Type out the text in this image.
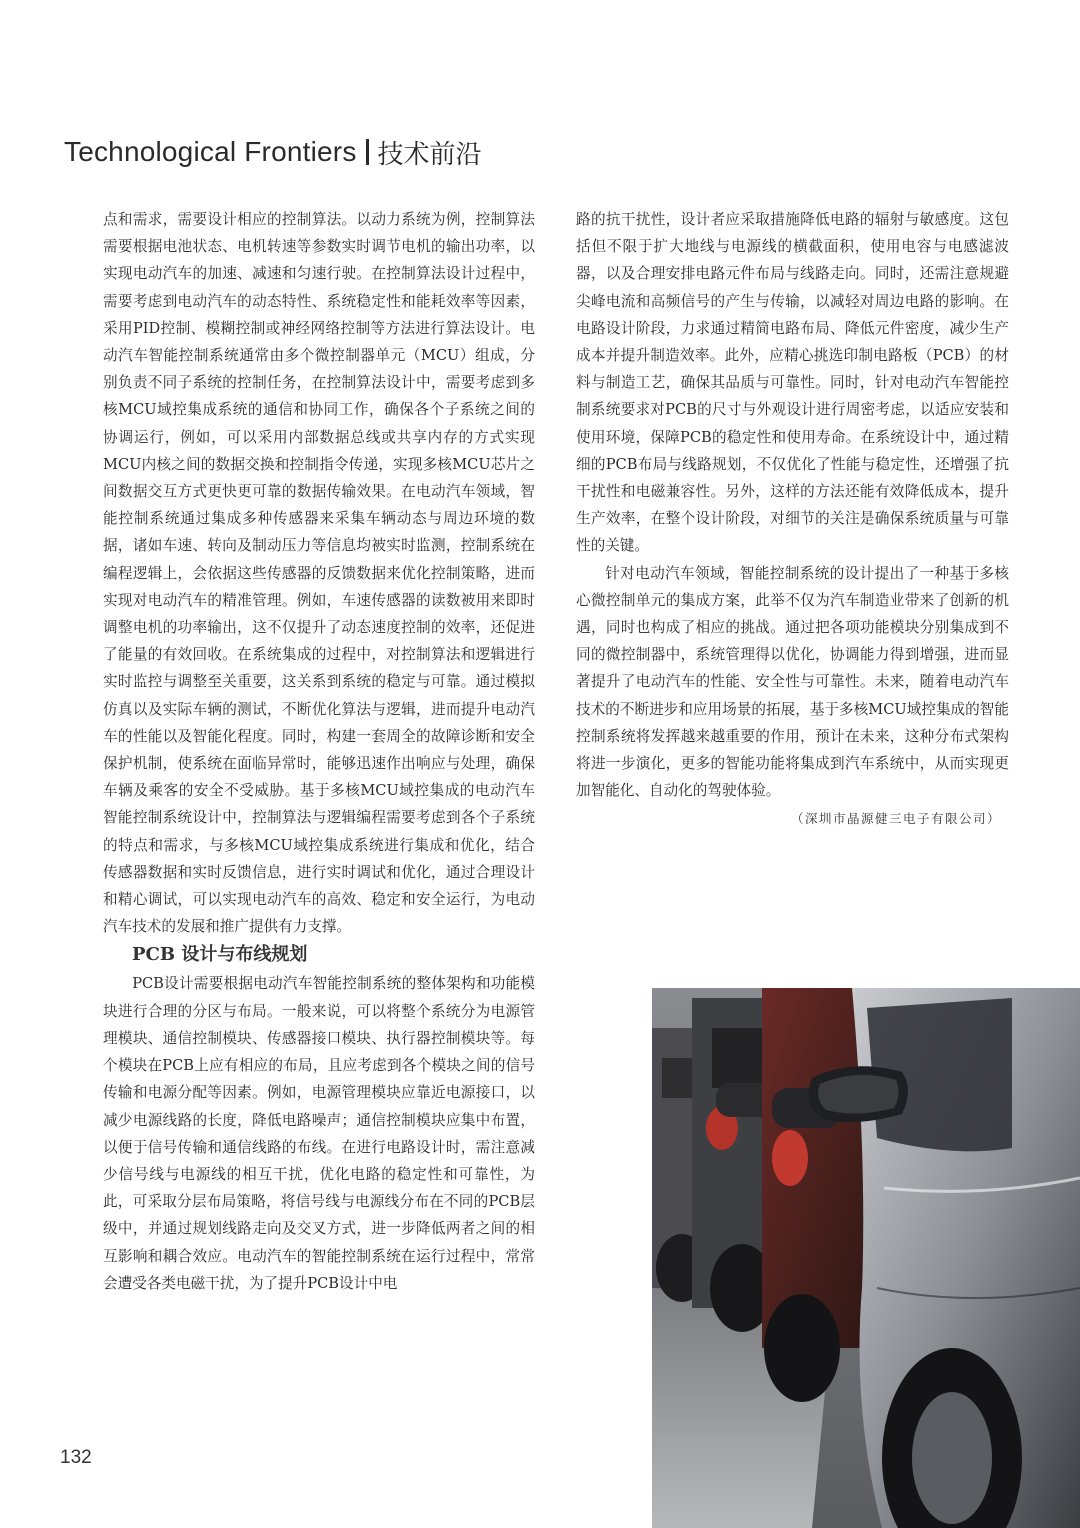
Technological Frontiers 技术前沿

点和需求，需要设计相应的控制算法。以动力系统为例，控制算法需要根据电池状态、电机转速等参数实时调节电机的输出功率，以实现电动汽车的加速、减速和匀速行驶。在控制算法设计过程中，需要考虑到电动汽车的动态特性、系统稳定性和能耗效率等因素，采用PID控制、模糊控制或神经网络控制等方法进行算法设计。电动汽车智能控制系统通常由多个微控制器单元（MCU）组成，分别负责不同子系统的控制任务，在控制算法设计中，需要考虑到多核MCU域控集成系统的通信和协同工作，确保各个子系统之间的协调运行，例如，可以采用内部数据总线或共享内存的方式实现MCU内核之间的数据交换和控制指令传递，实现多核MCU芯片之间数据交互方式更快更可靠的数据传输效果。在电动汽车领域，智能控制系统通过集成多种传感器来采集车辆动态与周边环境的数据，诸如车速、转向及制动压力等信息均被实时监测，控制系统在编程逻辑上，会依据这些传感器的反馈数据来优化控制策略，进而实现对电动汽车的精准管理。例如，车速传感器的读数被用来即时调整电机的功率输出，这不仅提升了动态速度控制的效率，还促进了能量的有效回收。在系统集成的过程中，对控制算法和逻辑进行实时监控与调整至关重要，这关系到系统的稳定与可靠。通过模拟仿真以及实际车辆的测试，不断优化算法与逻辑，进而提升电动汽车的性能以及智能化程度。同时，构建一套周全的故障诊断和安全保护机制，使系统在面临异常时，能够迅速作出响应与处理，确保车辆及乘客的安全不受威胁。基于多核MCU域控集成的电动汽车智能控制系统设计中，控制算法与逻辑编程需要考虑到各个子系统的特点和需求，与多核MCU域控集成系统进行集成和优化，结合传感器数据和实时反馈信息，进行实时调试和优化，通过合理设计和精心调试，可以实现电动汽车的高效、稳定和安全运行，为电动汽车技术的发展和推广提供有力支撑。

PCB 设计与布线规划

PCB设计需要根据电动汽车智能控制系统的整体架构和功能模块进行合理的分区与布局。一般来说，可以将整个系统分为电源管理模块、通信控制模块、传感器接口模块、执行器控制模块等。每个模块在PCB上应有相应的布局，且应考虑到各个模块之间的信号传输和电源分配等因素。例如，电源管理模块应靠近电源接口，以减少电源线路的长度，降低电路噪声；通信控制模块应集中布置，以便于信号传输和通信线路的布线。在进行电路设计时，需注意减少信号线与电源线的相互干扰，优化电路的稳定性和可靠性，为此，可采取分层布局策略，将信号线与电源线分布在不同的PCB层级中，并通过规划线路走向及交叉方式，进一步降低两者之间的相互影响和耦合效应。电动汽车的智能控制系统在运行过程中，常常会遭受各类电磁干扰，为了提升PCB设计中电

路的抗干扰性，设计者应采取措施降低电路的辐射与敏感度。这包括但不限于扩大地线与电源线的横截面积，使用电容与电感滤波器，以及合理安排电路元件布局与线路走向。同时，还需注意规避尖峰电流和高频信号的产生与传输，以减轻对周边电路的影响。在电路设计阶段，力求通过精简电路布局、降低元件密度，减少生产成本并提升制造效率。此外，应精心挑选印制电路板（PCB）的材料与制造工艺，确保其品质与可靠性。同时，针对电动汽车智能控制系统要求对PCB的尺寸与外观设计进行周密考虑，以适应安装和使用环境，保障PCB的稳定性和使用寿命。在系统设计中，通过精细的PCB布局与线路规划，不仅优化了性能与稳定性，还增强了抗干扰性和电磁兼容性。另外，这样的方法还能有效降低成本，提升生产效率，在整个设计阶段，对细节的关注是确保系统质量与可靠性的关键。

针对电动汽车领域，智能控制系统的设计提出了一种基于多核心微控制单元的集成方案，此举不仅为汽车制造业带来了创新的机遇，同时也构成了相应的挑战。通过把各项功能模块分别集成到不同的微控制器中，系统管理得以优化，协调能力得到增强，进而显著提升了电动汽车的性能、安全性与可靠性。未来，随着电动汽车技术的不断进步和应用场景的拓展，基于多核MCU域控集成的智能控制系统将发挥越来越重要的作用，预计在未来，这种分布式架构将进一步演化，更多的智能功能将集成到汽车系统中，从而实现更加智能化、自动化的驾驶体验。

（深圳市晶源健三电子有限公司）

132
